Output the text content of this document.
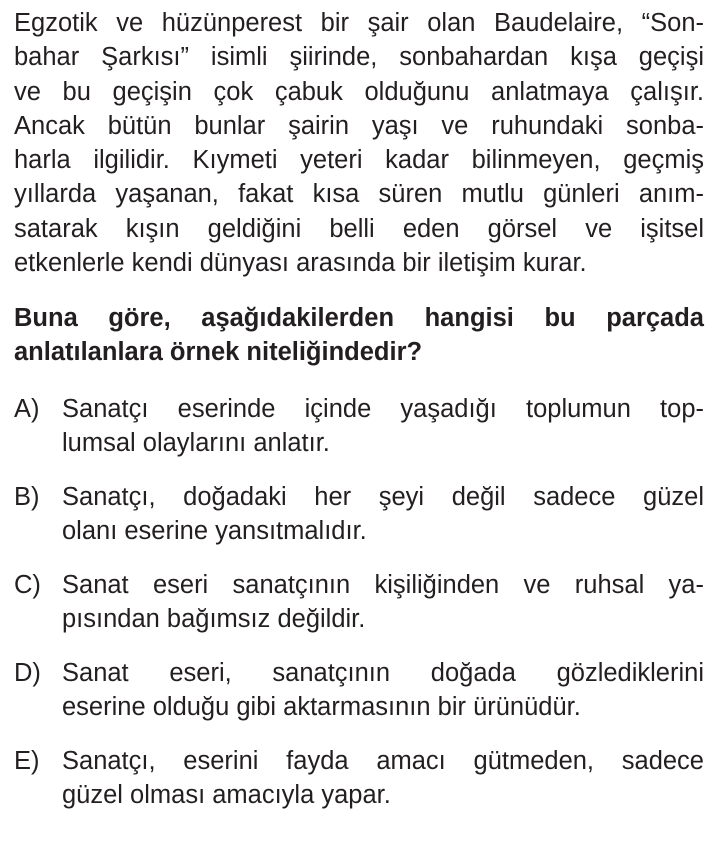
Egzotik ve hüzünperest bir şair olan Baudelaire, “Son-
bahar Şarkısı” isimli şiirinde, sonbahardan kışa geçişi
ve bu geçişin çok çabuk olduğunu anlatmaya çalışır.
Ancak bütün bunlar şairin yaşı ve ruhundaki sonba-
harla ilgilidir. Kıymeti yeteri kadar bilinmeyen, geçmiş
yıllarda yaşanan, fakat kısa süren mutlu günleri anım-
satarak kışın geldiğini belli eden görsel ve işitsel
etkenlerle kendi dünyası arasında bir iletişim kurar.
Buna göre, aşağıdakilerden hangisi bu parçada
anlatılanlara örnek niteliğindedir?
A) Sanatçı eserinde içinde yaşadığı toplumun top-
lumsal olaylarını anlatır.
B) Sanatçı, doğadaki her şeyi değil sadece güzel
olanı eserine yansıtmalıdır.
C) Sanat eseri sanatçının kişiliğinden ve ruhsal ya-
pısından bağımsız değildir.
D) Sanat eseri, sanatçının doğada gözlediklerini
eserine olduğu gibi aktarmasının bir ürünüdür.
E) Sanatçı, eserini fayda amacı gütmeden, sadece
güzel olması amacıyla yapar.
